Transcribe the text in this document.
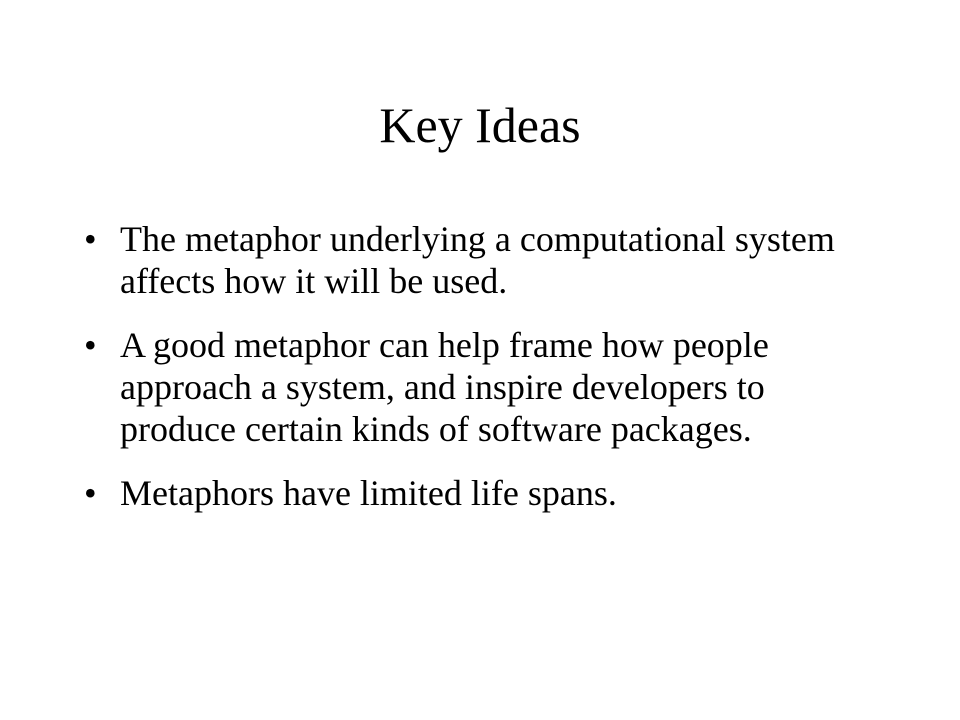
Key Ideas
• The metaphor underlying a computational system affects how it will be used.
• A good metaphor can help frame how people approach a system, and inspire developers to produce certain kinds of software packages.
• Metaphors have limited life spans.
